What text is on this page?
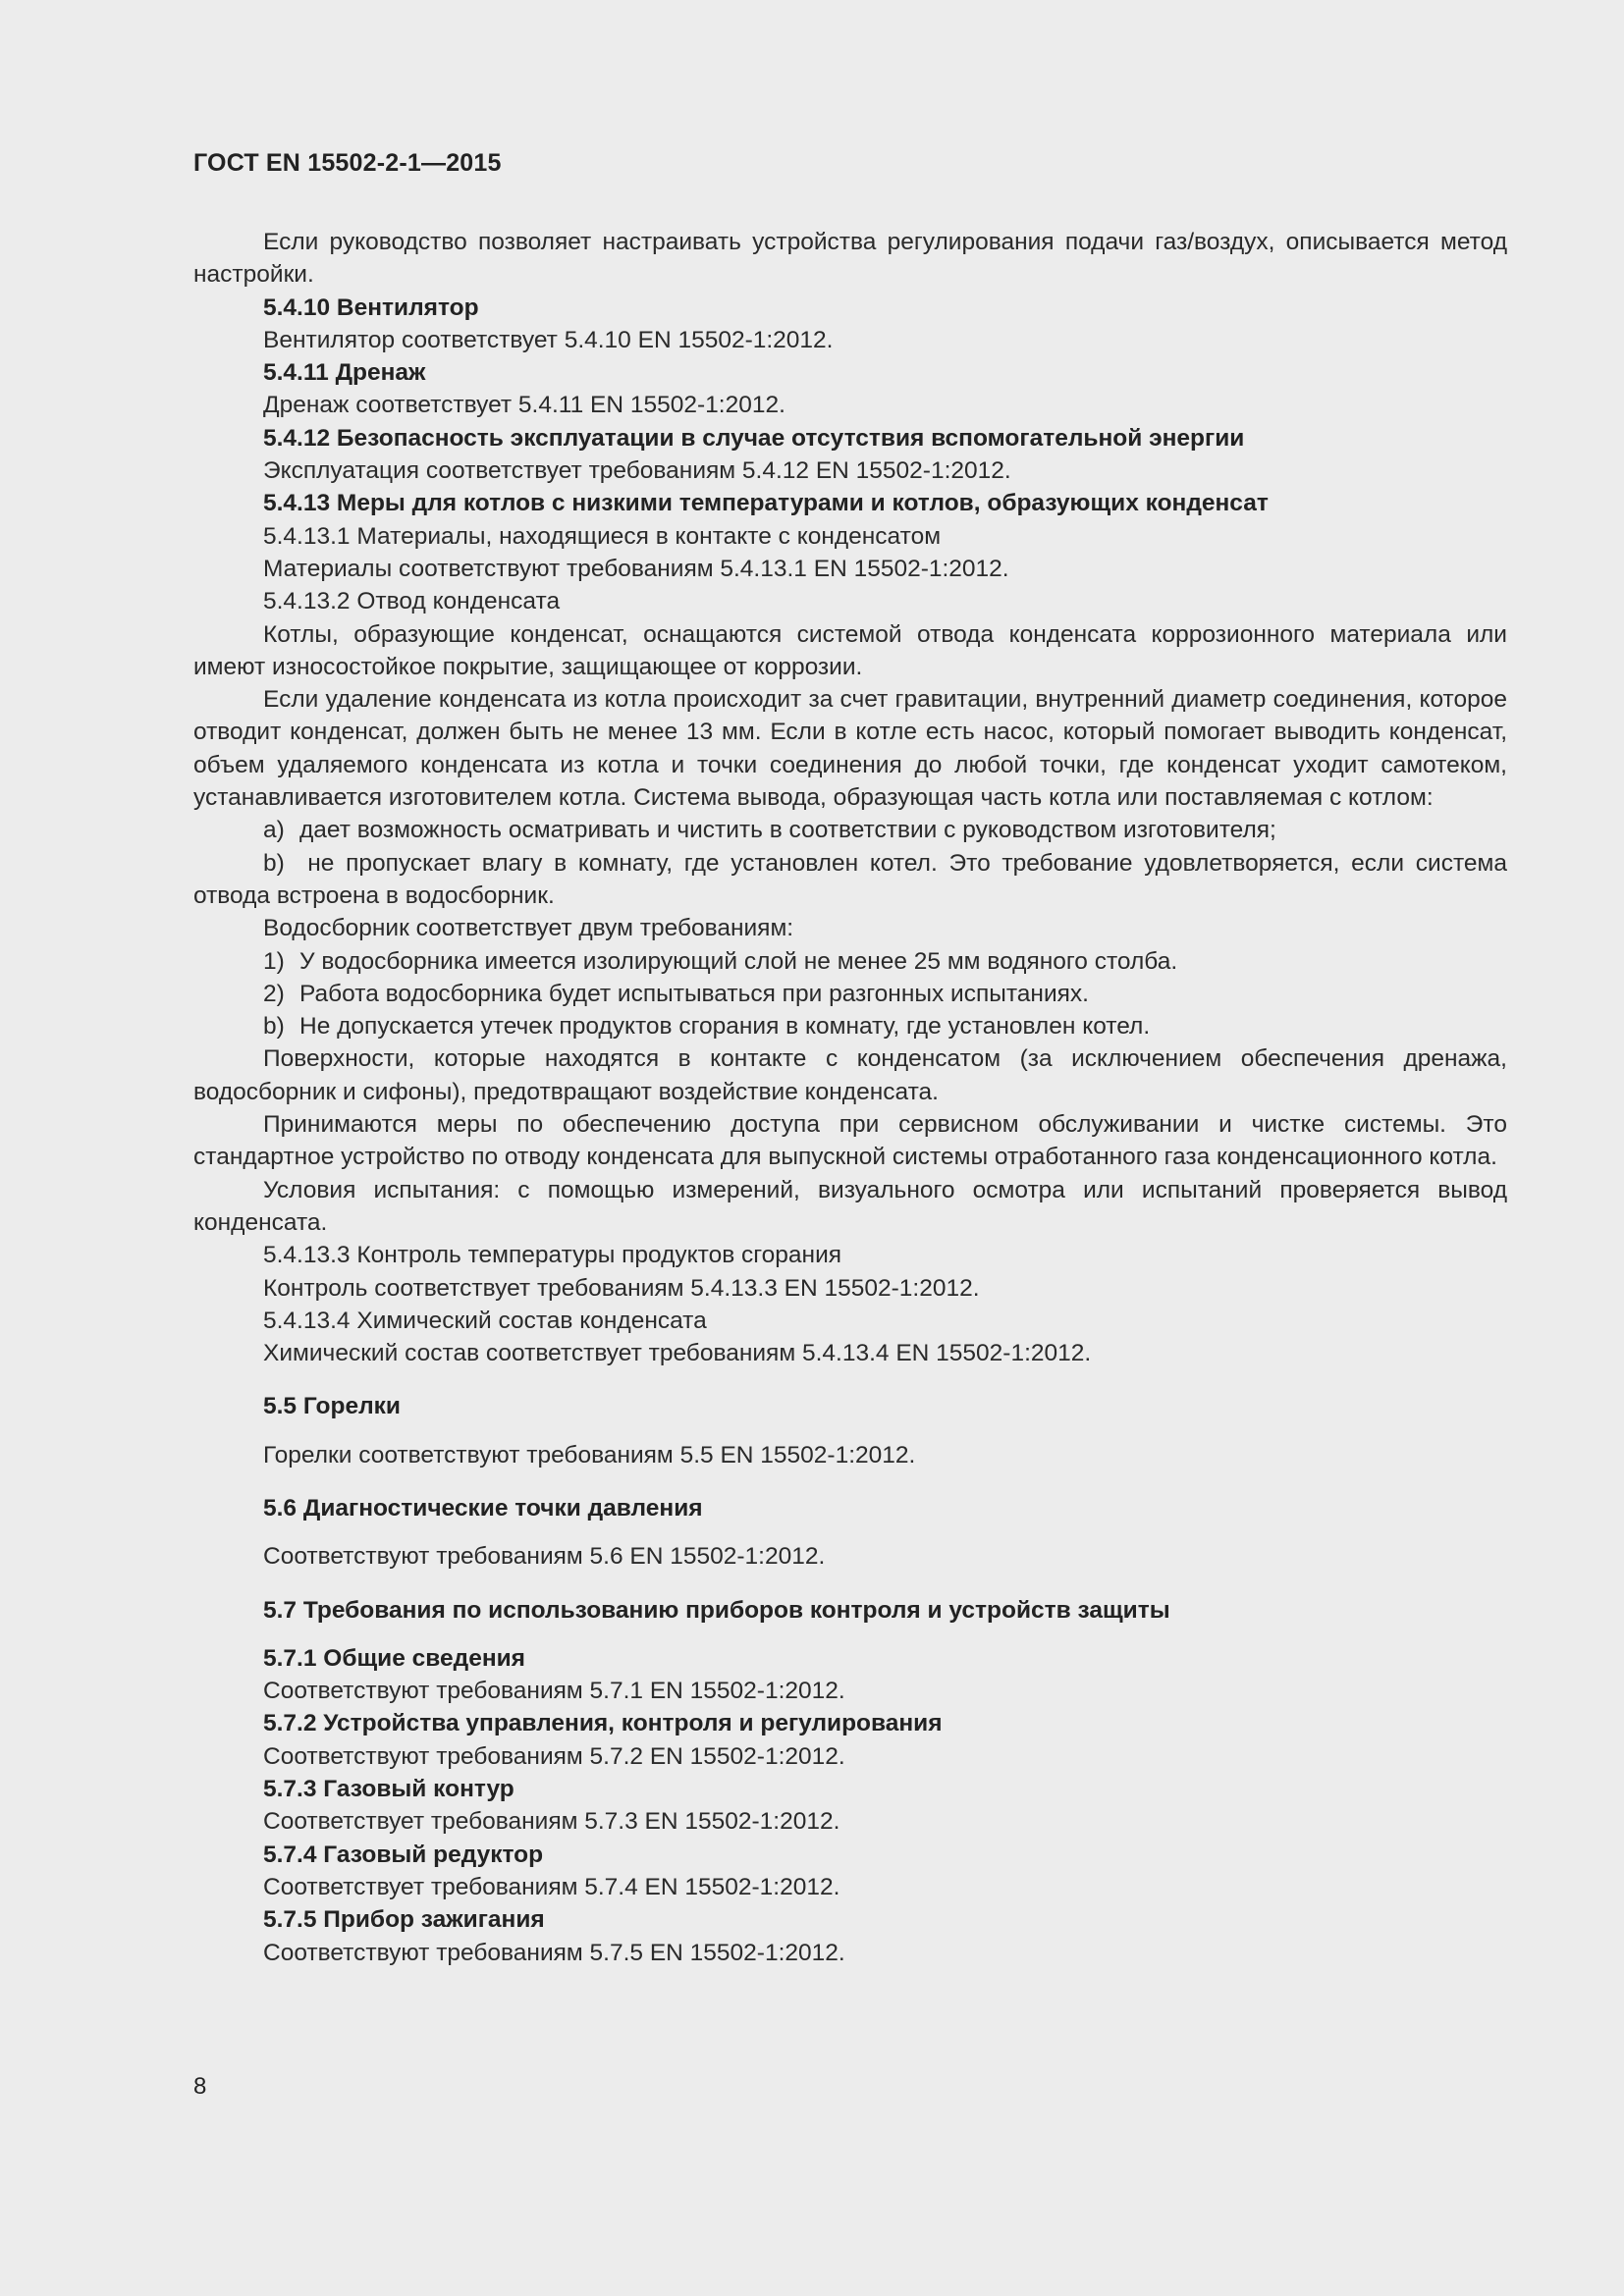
ГОСТ EN 15502-2-1—2015

Если руководство позволяет настраивать устройства регулирования подачи газ/воздух, описывается метод настройки.

5.4.10 Вентилятор

Вентилятор соответствует 5.4.10 EN 15502-1:2012.

5.4.11 Дренаж

Дренаж соответствует 5.4.11 EN 15502-1:2012.

5.4.12 Безопасность эксплуатации в случае отсутствия вспомогательной энергии

Эксплуатация соответствует требованиям 5.4.12 EN 15502-1:2012.

5.4.13 Меры для котлов с низкими температурами и котлов, образующих конденсат

5.4.13.1 Материалы, находящиеся в контакте с конденсатом

Материалы соответствуют требованиям 5.4.13.1 EN 15502-1:2012.

5.4.13.2 Отвод конденсата

Котлы, образующие конденсат, оснащаются системой отвода конденсата коррозионного материала или имеют износостойкое покрытие, защищающее от коррозии.

Если удаление конденсата из котла происходит за счет гравитации, внутренний диаметр соединения, которое отводит конденсат, должен быть не менее 13 мм. Если в котле есть насос, который помогает выводить конденсат, объем удаляемого конденсата из котла и точки соединения до любой точки, где конденсат уходит самотеком, устанавливается изготовителем котла. Система вывода, образующая часть котла или поставляемая с котлом:

a) дает возможность осматривать и чистить в соответствии с руководством изготовителя;

b) не пропускает влагу в комнату, где установлен котел. Это требование удовлетворяется, если система отвода встроена в водосборник.

Водосборник соответствует двум требованиям:

1) У водосборника имеется изолирующий слой не менее 25 мм водяного столба.

2) Работа водосборника будет испытываться при разгонных испытаниях.

b) Не допускается утечек продуктов сгорания в комнату, где установлен котел.

Поверхности, которые находятся в контакте с конденсатом (за исключением обеспечения дренажа, водосборник и сифоны), предотвращают воздействие конденсата.

Принимаются меры по обеспечению доступа при сервисном обслуживании и чистке системы. Это стандартное устройство по отводу конденсата для выпускной системы отработанного газа конденсационного котла.

Условия испытания: с помощью измерений, визуального осмотра или испытаний проверяется вывод конденсата.

5.4.13.3 Контроль температуры продуктов сгорания

Контроль соответствует требованиям 5.4.13.3 EN 15502-1:2012.

5.4.13.4 Химический состав конденсата

Химический состав соответствует требованиям 5.4.13.4 EN 15502-1:2012.

5.5 Горелки

Горелки соответствуют требованиям 5.5 EN 15502-1:2012.

5.6 Диагностические точки давления

Соответствуют требованиям 5.6 EN 15502-1:2012.

5.7 Требования по использованию приборов контроля и устройств защиты

5.7.1 Общие сведения

Соответствуют требованиям 5.7.1 EN 15502-1:2012.

5.7.2 Устройства управления, контроля и регулирования

Соответствуют требованиям 5.7.2 EN 15502-1:2012.

5.7.3 Газовый контур

Соответствует требованиям 5.7.3 EN 15502-1:2012.

5.7.4 Газовый редуктор

Соответствует требованиям 5.7.4 EN 15502-1:2012.

5.7.5 Прибор зажигания

Соответствуют требованиям 5.7.5 EN 15502-1:2012.

8
